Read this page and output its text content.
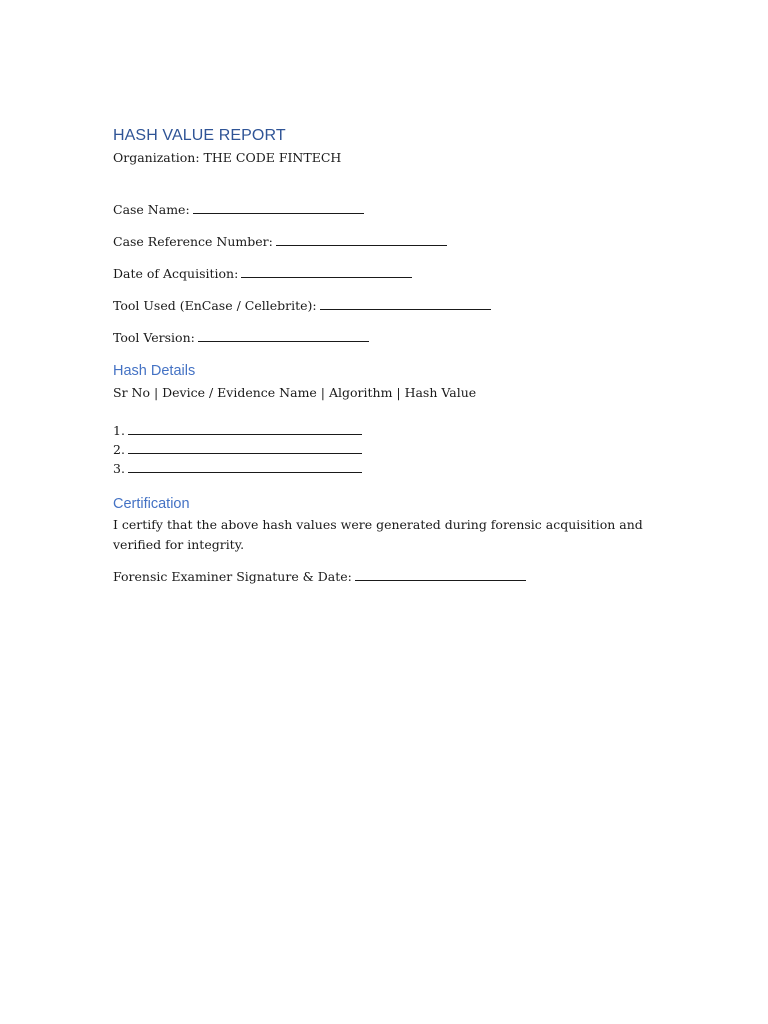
HASH VALUE REPORT
Organization: THE CODE FINTECH
Case Name:
Case Reference Number:
Date of Acquisition:
Tool Used (EnCase / Cellebrite):
Tool Version:
Hash Details
Sr No | Device / Evidence Name | Algorithm | Hash Value
1.
2.
3.
Certification
I certify that the above hash values were generated during forensic acquisition and verified for integrity.
Forensic Examiner Signature & Date:
